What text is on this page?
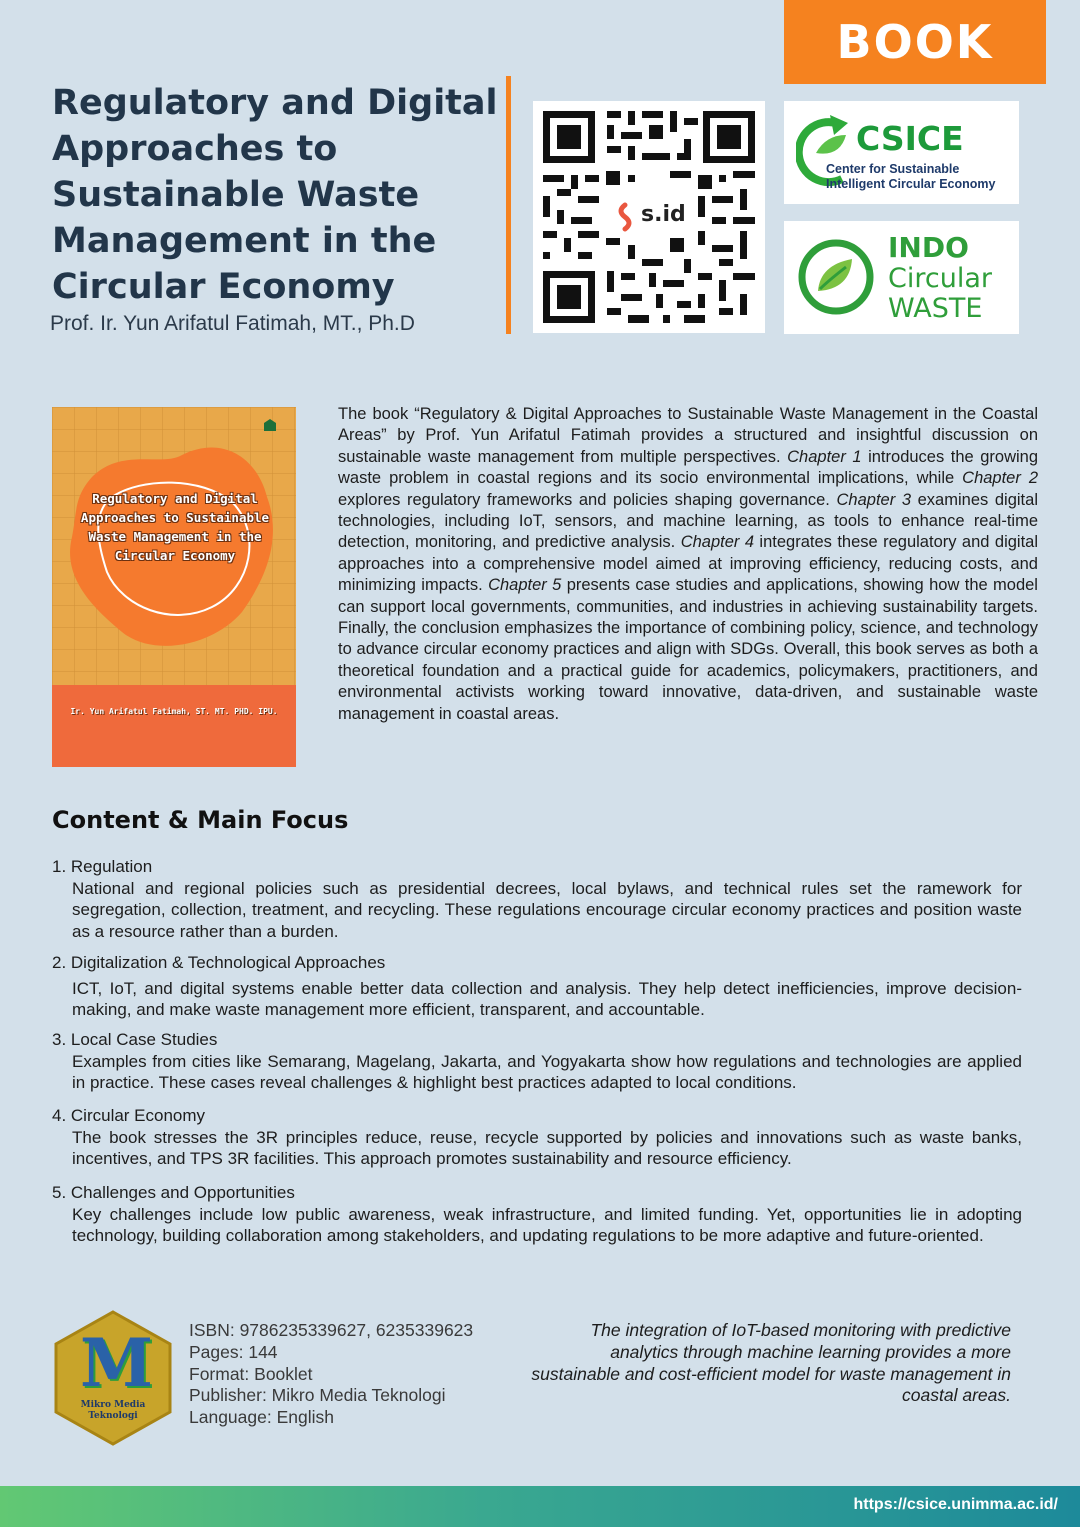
BOOK
Regulatory and Digital Approaches to Sustainable Waste Management in the Circular Economy
Prof. Ir. Yun Arifatul Fatimah, MT., Ph.D
s.id
CSICE
Center for Sustainable
Intelligent Circular Economy
INDO
Circular
WASTE
Regulatory and Digital Approaches to Sustainable Waste Management in the Circular Economy
Ir. Yun Arifatul Fatimah, ST. MT. PHD. IPU.
The book “Regulatory & Digital Approaches to Sustainable Waste Management in the Coastal Areas” by Prof. Yun Arifatul Fatimah provides a structured and insightful discussion on sustainable waste management from multiple perspectives. Chapter 1 introduces the growing waste problem in coastal regions and its socio environmental implications, while Chapter 2 explores regulatory frameworks and policies shaping governance. Chapter 3 examines digital technologies, including IoT, sensors, and machine learning, as tools to enhance real-time detection, monitoring, and predictive analysis. Chapter 4 integrates these regulatory and digital approaches into a comprehensive model aimed at improving efficiency, reducing costs, and minimizing impacts. Chapter 5 presents case studies and applications, showing how the model can support local governments, communities, and industries in achieving sustainability targets. Finally, the conclusion emphasizes the importance of combining policy, science, and technology to advance circular economy practices and align with SDGs. Overall, this book serves as both a theoretical foundation and a practical guide for academics, policymakers, practitioners, and environmental activists working toward innovative, data-driven, and sustainable waste management in coastal areas.
Content & Main Focus
1. Regulation
National and regional policies such as presidential decrees, local bylaws, and technical rules set the ramework for segregation, collection, treatment, and recycling. These regulations encourage circular economy practices and position waste as a resource rather than a burden.
2. Digitalization & Technological Approaches
ICT, IoT, and digital systems enable better data collection and analysis. They help detect inefficiencies, improve decision-making, and make waste management more efficient, transparent, and accountable.
3. Local Case Studies
Examples from cities like Semarang, Magelang, Jakarta, and Yogyakarta show how regulations and technologies are applied in practice. These cases reveal challenges & highlight best practices adapted to local conditions.
4. Circular Economy
The book stresses the 3R principles reduce, reuse, recycle supported by policies and innovations such as waste banks, incentives, and TPS 3R facilities. This approach promotes sustainability and resource efficiency.
5. Challenges and Opportunities
Key challenges include low public awareness, weak infrastructure, and limited funding. Yet, opportunities lie in adopting technology, building collaboration among stakeholders, and updating regulations to be more adaptive and future-oriented.
M
Mikro Media
Teknologi
ISBN: 9786235339627, 6235339623
Pages: 144
Format: Booklet
Publisher: Mikro Media Teknologi
Language: English
The integration of IoT-based monitoring with predictive analytics through machine learning provides a more sustainable and cost-efficient model for waste management in coastal areas.
https://csice.unimma.ac.id/
